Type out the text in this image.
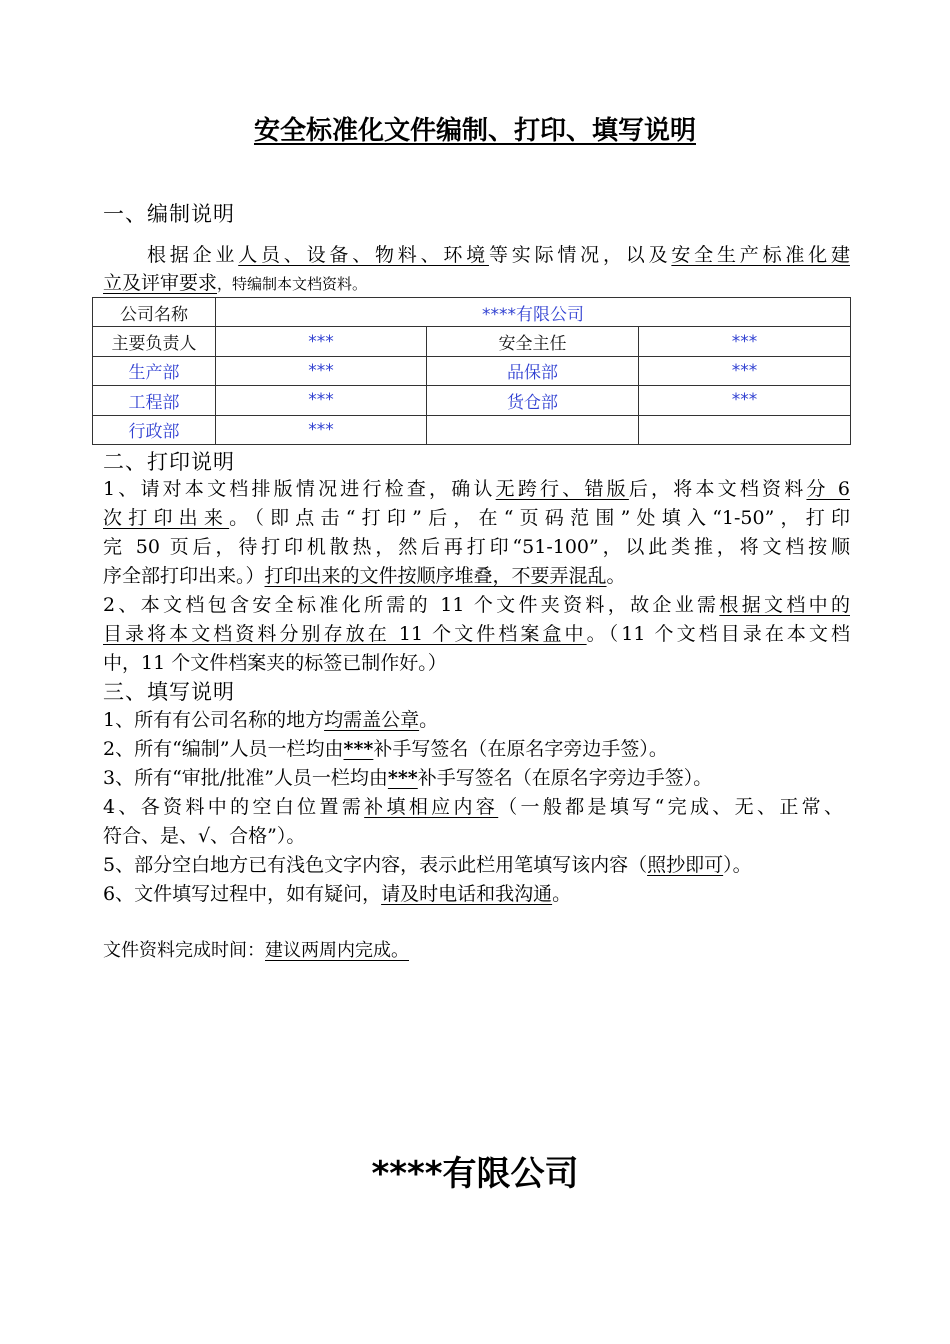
安全标准化文件编制、打印、填写说明
一、编制说明
根据企业人员、设备、物料、环境等实际情况，以及安全生产标准化建
立及评审要求，特编制本文档资料。
公司名称	****有限公司		
主要负责人	***	安全主任	***
生产部	***	品保部	***
工程部	***	货仓部	***
行政部	***		
二、打印说明
1、请对本文档排版情况进行检查，确认无跨行、错版后，将本文档资料分 6
次打印出来。（即点击“打印”后，在“页码范围”处填入“1-50”，打印
完 50 页后，待打印机散热，然后再打印“51-100”，以此类推，将文档按顺
序全部打印出来。）打印出来的文件按顺序堆叠，不要弄混乱。
2、本文档包含安全标准化所需的 11 个文件夹资料，故企业需根据文档中的
目录将本文档资料分别存放在 11 个文件档案盒中。（11 个文档目录在本文档
中，11 个文件档案夹的标签已制作好。）
三、填写说明
1、所有有公司名称的地方均需盖公章。
2、所有“编制”人员一栏均由***补手写签名（在原名字旁边手签）。
3、所有“审批/批准”人员一栏均由***补手写签名（在原名字旁边手签）。
4、各资料中的空白位置需补填相应内容（一般都是填写“完成、无、正常、
符合、是、√、合格”）。
5、部分空白地方已有浅色文字内容，表示此栏用笔填写该内容（照抄即可）。
6、文件填写过程中，如有疑问，请及时电话和我沟通。
文件资料完成时间：建议两周内完成。
****有限公司
